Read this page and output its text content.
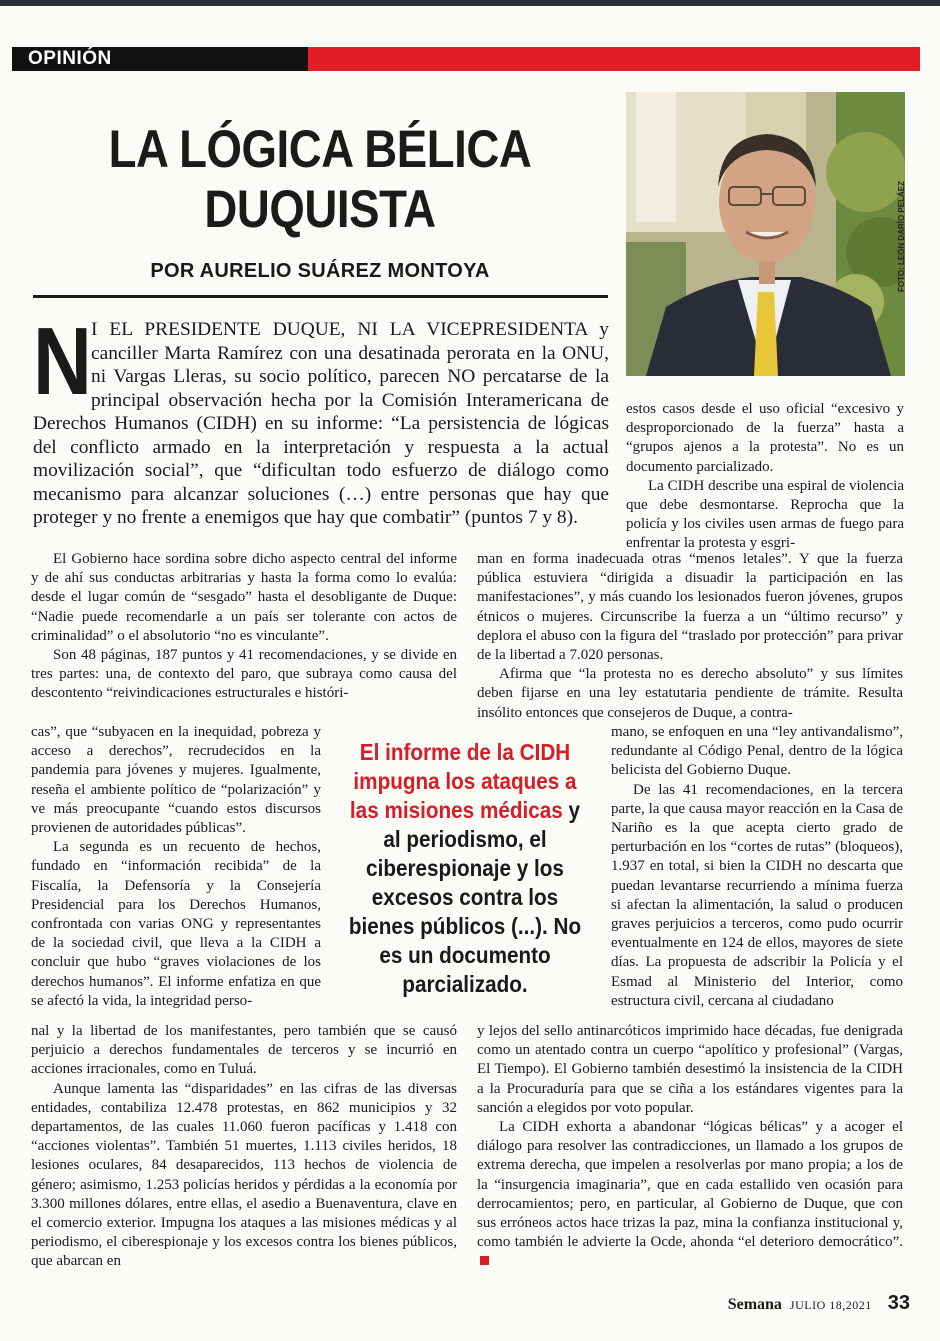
OPINIÓN
LA LÓGICA BÉLICA
DUQUISTA
POR AURELIO SUÁREZ MONTOYA	FOTO: LEÓN DARÍO PELÁEZ
N I EL PRESIDENTE DUQUE, NI LA VICEPRESIDENTA y canciller Marta Ramírez con una desatinada perorata en la ONU, ni Vargas Lleras, su socio político, parecen NO percatarse de la principal observación hecha por la Comisión Interamericana de Derechos Humanos (CIDH) en su informe: “La persistencia de lógicas del conflicto armado en la interpretación y respuesta a la actual movilización social”, que “dificultan todo esfuerzo de diálogo como mecanismo para alcanzar soluciones (…) entre personas que hay que proteger y no frente a enemigos que hay que combatir” (puntos 7 y 8).

estos casos desde el uso oficial “excesivo y desproporcionado de la fuerza” hasta a “grupos ajenos a la protesta”. No es un documento parcializado.

La CIDH describe una espiral de violencia que debe desmontarse. Reprocha que la policía y los civiles usen armas de fuego para enfrentar la protesta y esgri-

El Gobierno hace sordina sobre dicho aspecto central del informe y de ahí sus conductas arbitrarias y hasta la forma como lo evalúa: desde el lugar común de “sesgado” hasta el desobligante de Duque: “Nadie puede recomendarle a un país ser tolerante con actos de criminalidad” o el absolutorio “no es vinculante”.

Son 48 páginas, 187 puntos y 41 recomendaciones, y se divide en tres partes: una, de contexto del paro, que subraya como causa del descontento “reivindicaciones estructurales e históri-

cas”, que “subyacen en la inequidad, pobreza y acceso a derechos”, recrudecidos en la pandemia para jóvenes y mujeres. Igualmente, reseña el ambiente político de “polarización” y ve más preocupante “cuando estos discursos provienen de autoridades públicas”.

La segunda es un recuento de hechos, fundado en “información recibida” de la Fiscalía, la Defensoría y la Consejería Presidencial para los Derechos Humanos, confrontada con varias ONG y representantes de la sociedad civil, que lleva a la CIDH a concluir que hubo “graves violaciones de los derechos humanos”. El informe enfatiza en que se afectó la vida, la integridad perso-

nal y la libertad de los manifestantes, pero también que se causó perjuicio a derechos fundamentales de terceros y se incurrió en acciones irracionales, como en Tuluá.

Aunque lamenta las “disparidades” en las cifras de las diversas entidades, contabiliza 12.478 protestas, en 862 municipios y 32 departamentos, de las cuales 11.060 fueron pacíficas y 1.418 con “acciones violentas”. También 51 muertes, 1.113 civiles heridos, 18 lesiones oculares, 84 desaparecidos, 113 hechos de violencia de género; asimismo, 1.253 policías heridos y pérdidas a la economía por 3.300 millones dólares, entre ellas, el asedio a Buenaventura, clave en el comercio exterior. Impugna los ataques a las misiones médicas y al periodismo, el ciberespionaje y los excesos contra los bienes públicos, que abarcan en

man en forma inadecuada otras “menos letales”. Y que la fuerza pública estuviera “dirigida a disuadir la participación en las manifestaciones”, y más cuando los lesionados fueron jóvenes, grupos étnicos o mujeres. Circunscribe la fuerza a un “último recurso” y deplora el abuso con la figura del “traslado por protección” para privar de la libertad a 7.020 personas.

Afirma que “la protesta no es derecho absoluto” y sus límites deben fijarse en una ley estatutaria pendiente de trámite. Resulta insólito entonces que consejeros de Duque, a contra-

mano, se enfoquen en una “ley antivandalismo”, redundante al Código Penal, dentro de la lógica belicista del Gobierno Duque.

De las 41 recomendaciones, en la tercera parte, la que causa mayor reacción en la Casa de Nariño es la que acepta cierto grado de perturbación en los “cortes de rutas” (bloqueos), 1.937 en total, si bien la CIDH no descarta que puedan levantarse recurriendo a mínima fuerza si afectan la alimentación, la salud o producen graves perjuicios a terceros, como pudo ocurrir eventualmente en 124 de ellos, mayores de siete días. La propuesta de adscribir la Policía y el Esmad al Ministerio del Interior, como estructura civil, cercana al ciudadano

y lejos del sello antinarcóticos imprimido hace décadas, fue denigrada como un atentado contra un cuerpo “apolítico y profesional” (Vargas, El Tiempo). El Gobierno también desestimó la insistencia de la CIDH a la Procuraduría para que se ciña a los estándares vigentes para la sanción a elegidos por voto popular.

La CIDH exhorta a abandonar “lógicas bélicas” y a acoger el diálogo para resolver las contradicciones, un llamado a los grupos de extrema derecha, que impelen a resolverlas por mano propia; a los de la “insurgencia imaginaria”, que en cada estallido ven ocasión para derrocamientos; pero, en particular, al Gobierno de Duque, que con sus erróneos actos hace trizas la paz, mina la confianza institucional y, como también le advierte la Ocde, ahonda “el deterioro democrático”.

El informe de la CIDH impugna los ataques a las misiones médicas y al periodismo, el ciberespionaje y los excesos contra los bienes públicos (...). No es un documento parcializado.
Semana JULIO 18,2021 33
